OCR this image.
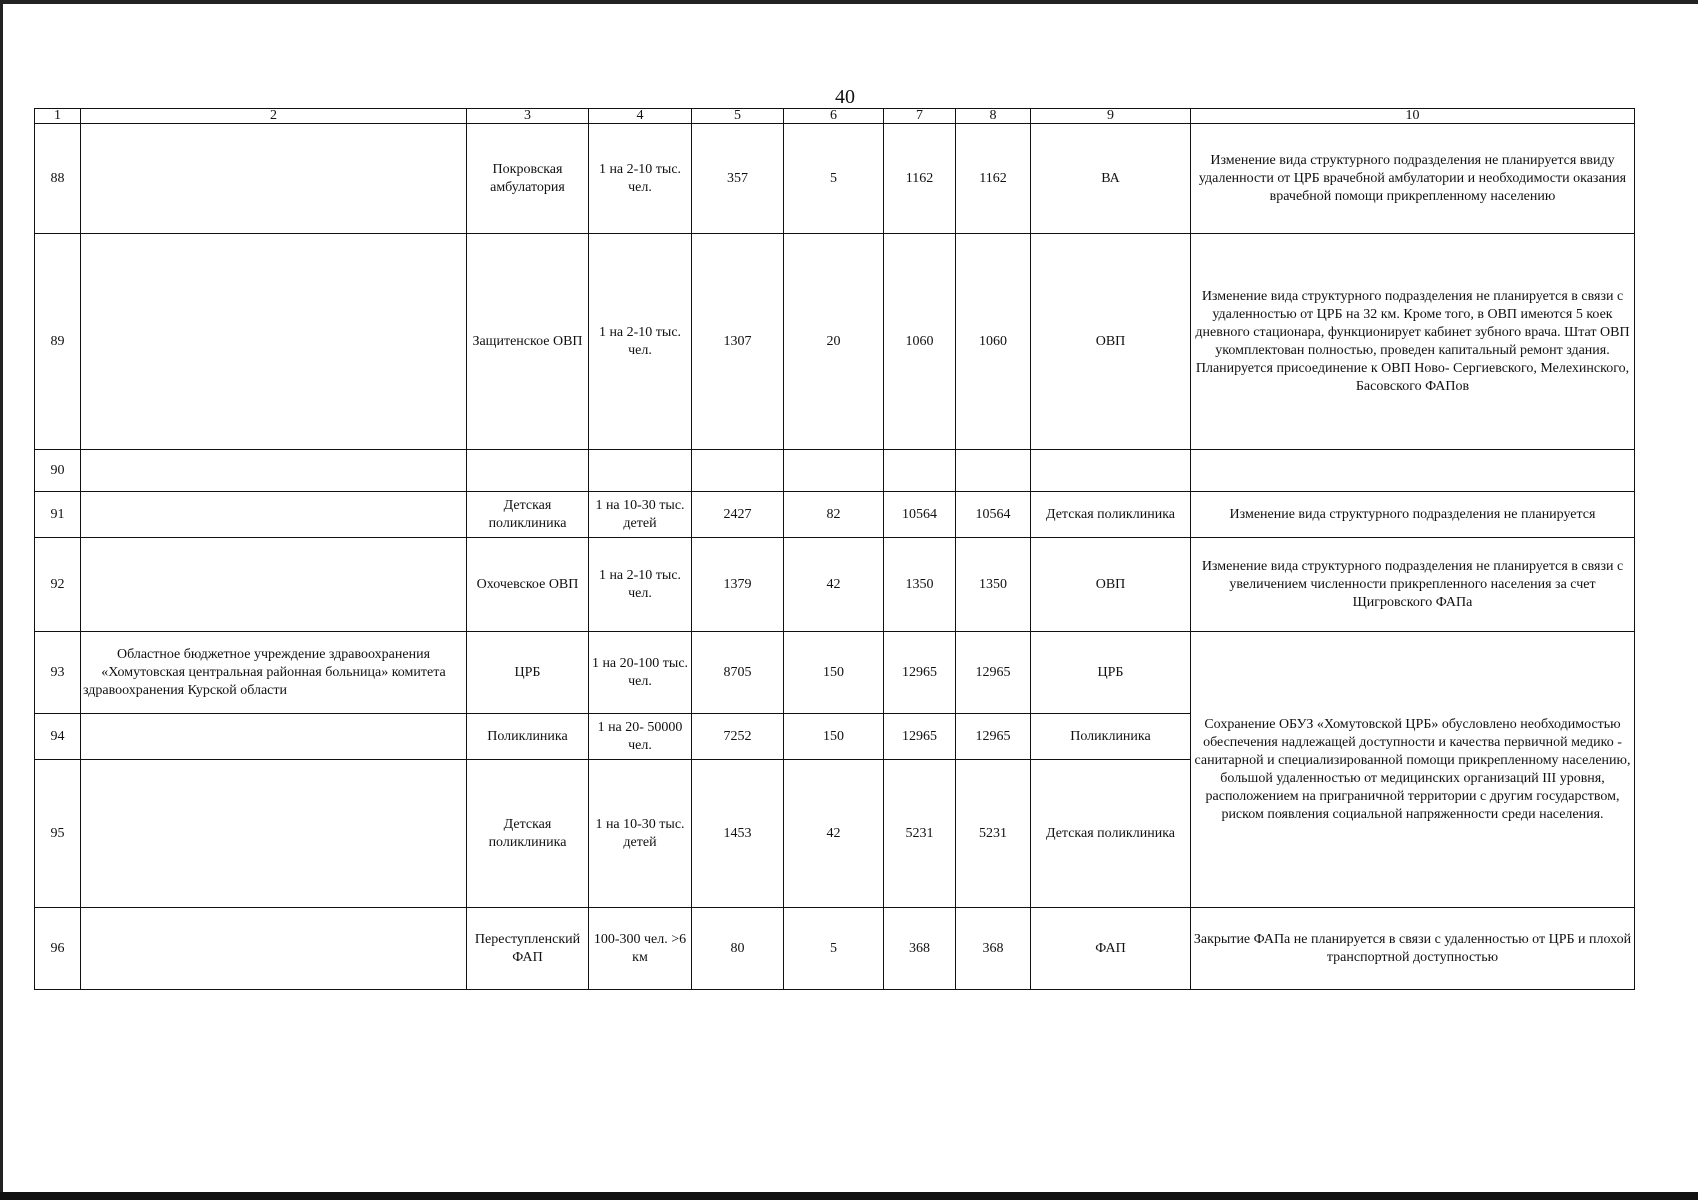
40
1	2	3	4	5	6	7	8	9	10
88		Покровская амбулатория	1 на 2-10 тыс. чел.	357	5	1162	1162	ВА	Изменение вида структурного подразделения не планируется ввиду удаленности от ЦРБ врачебной амбулатории и необходимости оказания врачебной помощи прикрепленному населению
89		Защитенское ОВП	1 на 2-10 тыс. чел.	1307	20	1060	1060	ОВП	Изменение вида структурного подразделения не планируется в связи с удаленностью от ЦРБ на 32 км. Кроме того, в ОВП имеются 5 коек дневного стационара, функционирует кабинет зубного врача. Штат ОВП укомплектован полностью, проведен капитальный ремонт здания. Планируется присоединение к ОВП Ново- Сергиевского, Мелехинского, Басовского ФАПов
90									
91		Детская поликлиника	1 на 10-30 тыс. детей	2427	82	10564	10564	Детская поликлиника	Изменение вида структурного подразделения не планируется
92		Охочевское ОВП	1 на 2-10 тыс. чел.	1379	42	1350	1350	ОВП	Изменение вида структурного подразделения не планируется в связи с увеличением численности прикрепленного населения за счет Щигровского ФАПа
93	Областное бюджетное учреждение здравоохранения «Хомутовская центральная районная больница» комитета здравоохранения Курской области	ЦРБ	1 на 20-100 тыс. чел.	8705	150	12965	12965	ЦРБ	Сохранение ОБУЗ «Хомутовской ЦРБ» обусловлено необходимостью обеспечения надлежащей доступности и качества первичной медико - санитарной и специализированной помощи прикрепленному населению, большой удаленностью от медицинских организаций III уровня, расположением на приграничной территории с другим государством, риском появления социальной напряженности среди населения.
94		Поликлиника	1 на 20- 50000 чел.	7252	150	12965	12965	Поликлиника	
95		Детская поликлиника	1 на 10-30 тыс. детей	1453	42	5231	5231	Детская поликлиника	
96		Переступленский ФАП	100-300 чел. >6 км	80	5	368	368	ФАП	Закрытие ФАПа не планируется в связи с удаленностью от ЦРБ и плохой транспортной доступностью
